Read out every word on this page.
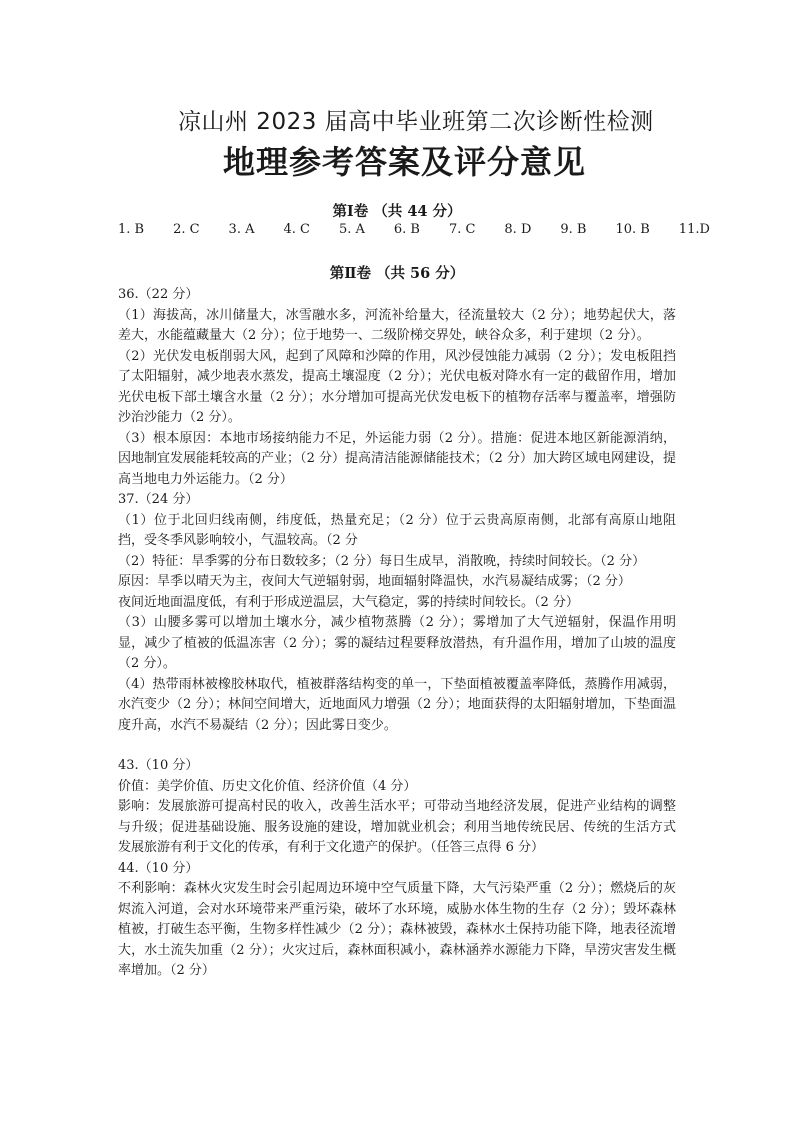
凉山州 2023 届高中毕业班第二次诊断性检测
地理参考答案及评分意见
第Ⅰ卷 （共 44 分）
1. B 2. C 3. A 4. C 5. A 6. B 7. C 8. D 9. B 10. B 11.D
第Ⅱ卷 （共 56 分）

36.（22 分）

（1）海拔高，冰川储量大，冰雪融水多，河流补给量大，径流量较大（2 分）；地势起伏大，落差大，水能蕴藏量大（2 分）；位于地势一、二级阶梯交界处，峡谷众多，利于建坝（2 分）。

（2）光伏发电板削弱大风，起到了风障和沙障的作用，风沙侵蚀能力减弱（2 分）；发电板阻挡了太阳辐射，减少地表水蒸发，提高土壤湿度（2 分）；光伏电板对降水有一定的截留作用，增加光伏电板下部土壤含水量（2 分）；水分增加可提高光伏发电板下的植物存活率与覆盖率，增强防沙治沙能力（2 分）。

（3）根本原因：本地市场接纳能力不足，外运能力弱（2 分）。措施：促进本地区新能源消纳，因地制宜发展能耗较高的产业；（2 分）提高清洁能源储能技术；（2 分）加大跨区域电网建设，提高当地电力外运能力。（2 分）

37.（24 分）

（1）位于北回归线南侧，纬度低，热量充足；（2 分）位于云贵高原南侧，北部有高原山地阻挡，受冬季风影响较小，气温较高。（2 分

（2）特征：旱季雾的分布日数较多；（2 分）每日生成早，消散晚，持续时间较长。（2 分）

原因：旱季以晴天为主，夜间大气逆辐射弱，地面辐射降温快，水汽易凝结成雾；（2 分）

夜间近地面温度低，有利于形成逆温层，大气稳定，雾的持续时间较长。（2 分）

（3）山腰多雾可以增加土壤水分，减少植物蒸腾（2 分）；雾增加了大气逆辐射，保温作用明显，减少了植被的低温冻害（2 分）；雾的凝结过程要释放潜热，有升温作用，增加了山坡的温度（2 分）。

（4）热带雨林被橡胶林取代，植被群落结构变的单一，下垫面植被覆盖率降低，蒸腾作用减弱，水汽变少（2 分）；林间空间增大，近地面风力增强（2 分）；地面获得的太阳辐射增加，下垫面温度升高，水汽不易凝结（2 分）；因此雾日变少。

43.（10 分）

价值：美学价值、历史文化价值、经济价值（4 分）

影响：发展旅游可提高村民的收入，改善生活水平；可带动当地经济发展，促进产业结构的调整与升级；促进基础设施、服务设施的建设，增加就业机会；利用当地传统民居、传统的生活方式发展旅游有利于文化的传承，有利于文化遗产的保护。（任答三点得 6 分）

44.（10 分）

不利影响：森林火灾发生时会引起周边环境中空气质量下降，大气污染严重（2 分）；燃烧后的灰烬流入河道，会对水环境带来严重污染，破坏了水环境，威胁水体生物的生存（2 分）；毁坏森林植被，打破生态平衡，生物多样性减少（2 分）；森林被毁，森林水土保持功能下降，地表径流增大，水土流失加重（2 分）；火灾过后，森林面积减小，森林涵养水源能力下降，旱涝灾害发生概率增加。（2 分）
